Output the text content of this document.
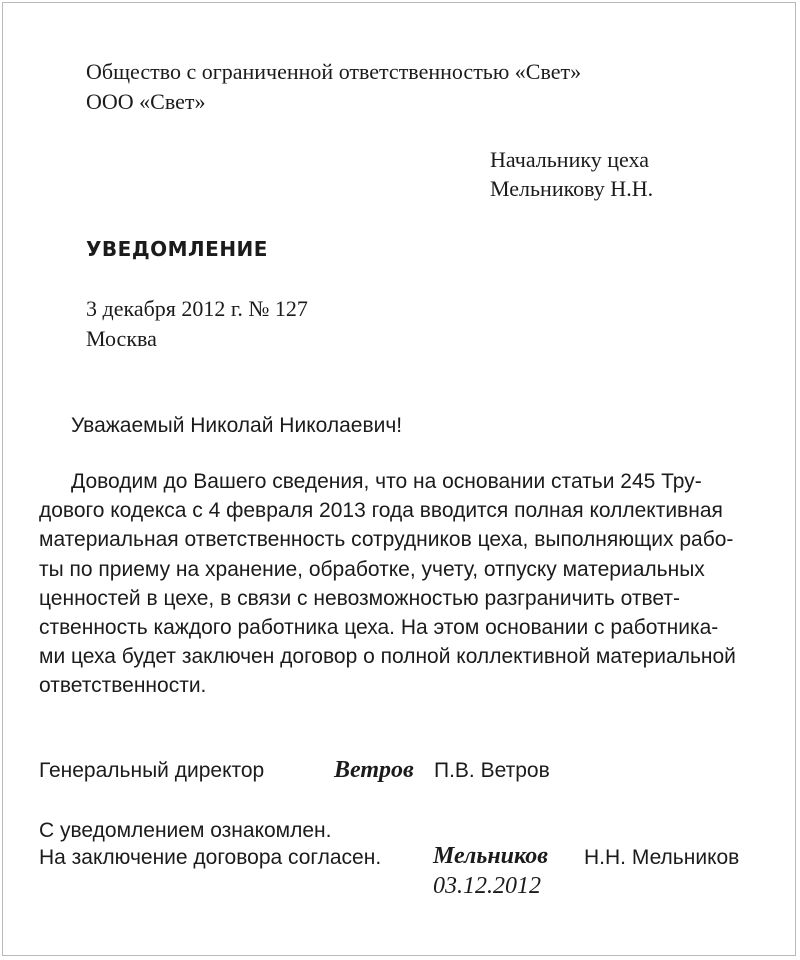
Общество с ограниченной ответственностью «Свет»
ООО «Свет»
Начальнику цеха
Мельникову Н.Н.
УВЕДОМЛЕНИЕ
3 декабря 2012 г. № 127
Москва
Уважаемый Николай Николаевич!
Доводим до Вашего сведения, что на основании статьи 245 Тру-
дового кодекса с 4 февраля 2013 года вводится полная коллективная
материальная ответственность сотрудников цеха, выполняющих рабо-
ты по приему на хранение, обработке, учету, отпуску материальных
ценностей в цехе, в связи с невозможностью разграничить ответ-
ственность каждого работника цеха. На этом основании с работника-
ми цеха будет заключен договор о полной коллективной материальной
ответственности.
Генеральный директор	Ветров П.В. Ветров
С уведомлением ознакомлен.
На заключение договора согласен. Мельников Н.Н. Мельников
03.12.2012
